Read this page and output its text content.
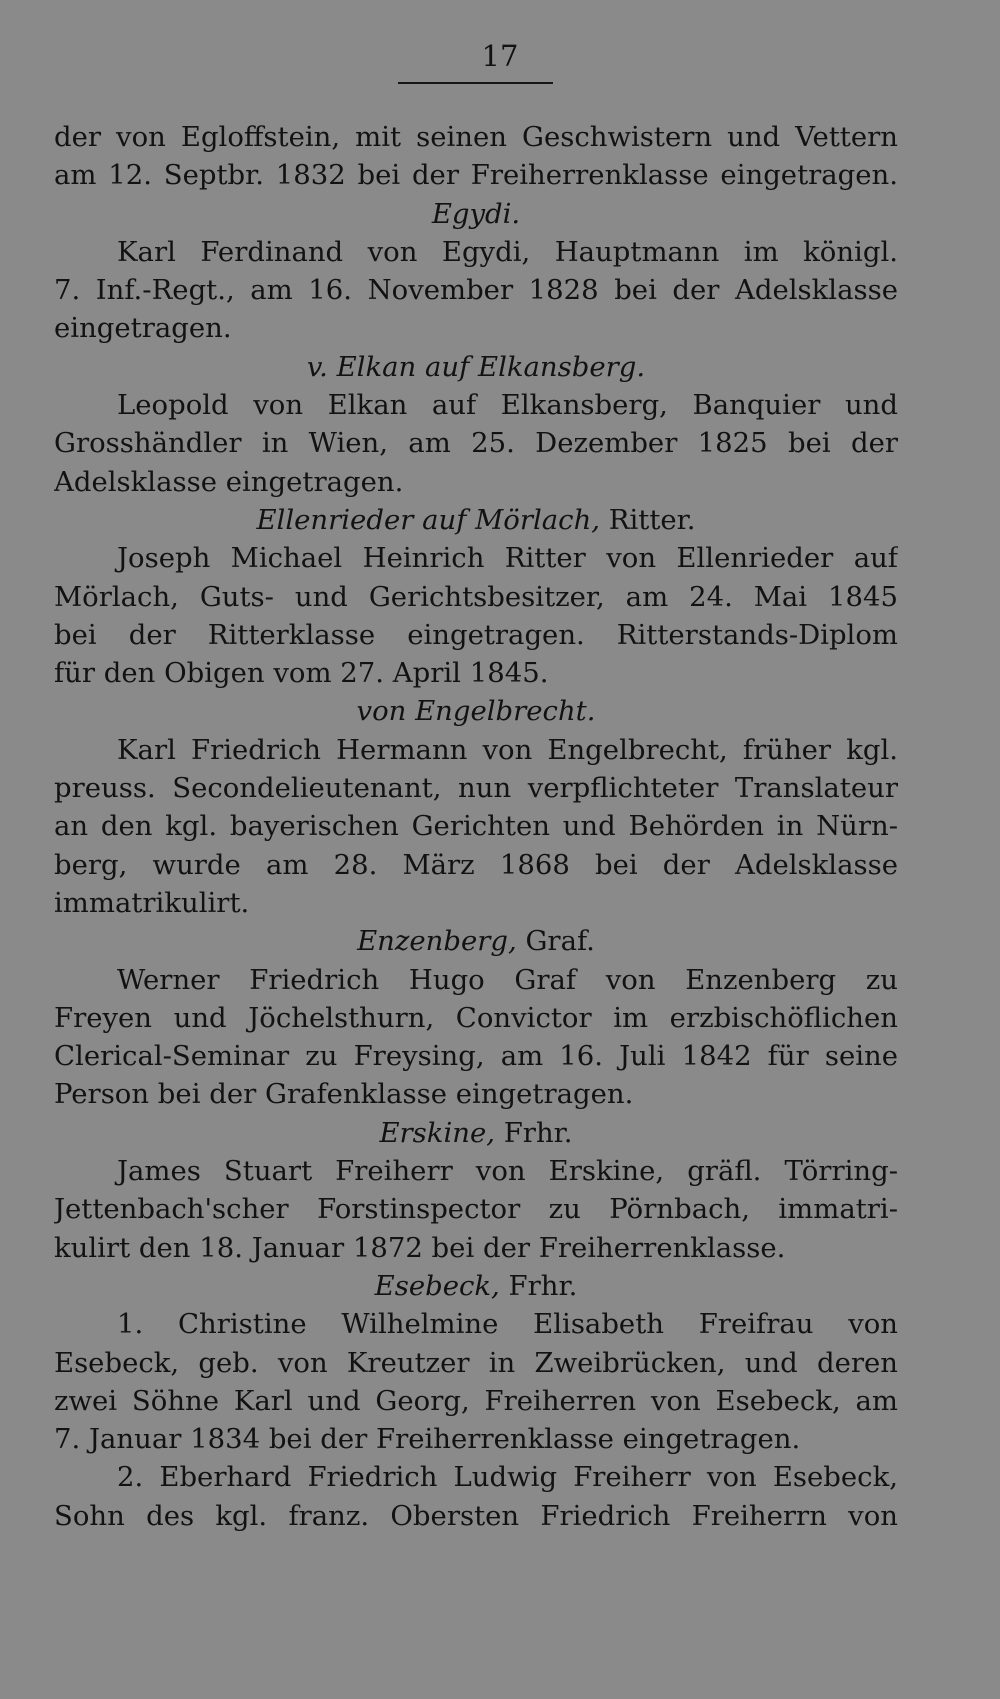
17
der von Egloffstein, mit seinen Geschwistern und Vettern
am 12. Septbr. 1832 bei der Freiherrenklasse eingetragen.
Egydi.
Karl Ferdinand von Egydi, Hauptmann im königl.
7. Inf.-Regt., am 16. November 1828 bei der Adelsklasse
eingetragen.
v. Elkan auf Elkansberg.
Leopold von Elkan auf Elkansberg, Banquier und
Grosshändler in Wien, am 25. Dezember 1825 bei der
Adelsklasse eingetragen.
Ellenrieder auf Mörlach, Ritter.
Joseph Michael Heinrich Ritter von Ellenrieder auf
Mörlach, Guts- und Gerichtsbesitzer, am 24. Mai 1845
bei der Ritterklasse eingetragen. Ritterstands-Diplom
für den Obigen vom 27. April 1845.
von Engelbrecht.
Karl Friedrich Hermann von Engelbrecht, früher kgl.
preuss. Secondelieutenant, nun verpflichteter Translateur
an den kgl. bayerischen Gerichten und Behörden in Nürn-
berg, wurde am 28. März 1868 bei der Adelsklasse
immatrikulirt.
Enzenberg, Graf.
Werner Friedrich Hugo Graf von Enzenberg zu
Freyen und Jöchelsthurn, Convictor im erzbischöflichen
Clerical-Seminar zu Freysing, am 16. Juli 1842 für seine
Person bei der Grafenklasse eingetragen.
Erskine, Frhr.
James Stuart Freiherr von Erskine, gräfl. Törring-
Jettenbach'scher Forstinspector zu Pörnbach, immatri-
kulirt den 18. Januar 1872 bei der Freiherrenklasse.
Esebeck, Frhr.
1. Christine Wilhelmine Elisabeth Freifrau von
Esebeck, geb. von Kreutzer in Zweibrücken, und deren
zwei Söhne Karl und Georg, Freiherren von Esebeck, am
7. Januar 1834 bei der Freiherrenklasse eingetragen.
2. Eberhard Friedrich Ludwig Freiherr von Esebeck,
Sohn des kgl. franz. Obersten Friedrich Freiherrn von
